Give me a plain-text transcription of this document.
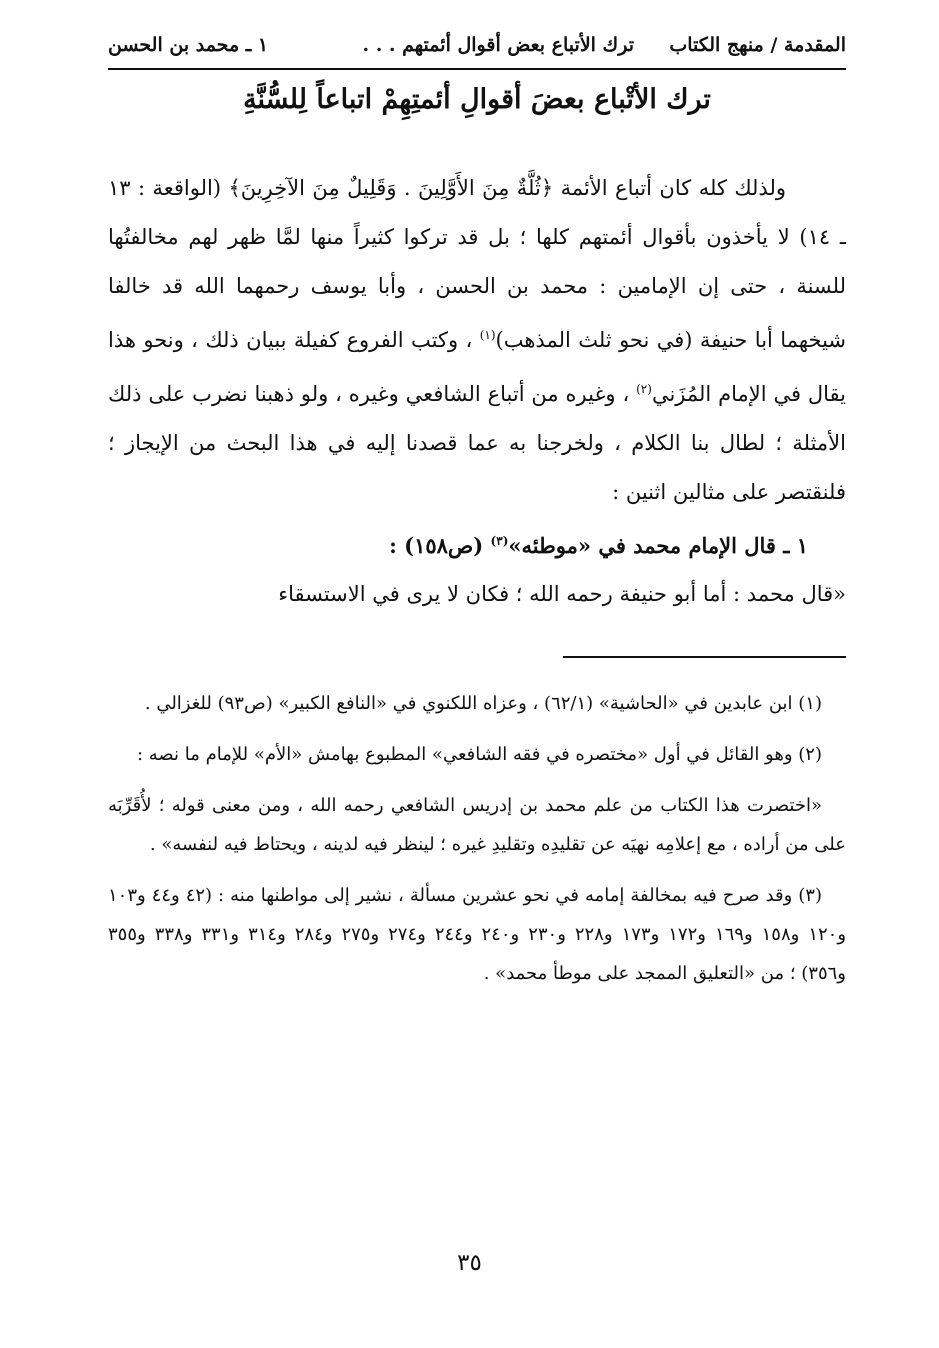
المقدمة / منهج الكتاب
ترك الأتباع بعض أقوال أئمتهم . . .
١ ـ محمد بن الحسن
ترك الأتْباع بعضَ أقوالِ أئمتِهِمْ اتباعاً لِلسُّنَّةِ

ولذلك كله كان أتباع الأئمة ﴿ثُلَّةٌ مِنَ الأَوَّلِينَ . وَقَلِيلٌ مِنَ الآخِرِينَ﴾ (الواقعة : ١٣ ـ ١٤) لا يأخذون بأقوال أئمتهم كلها ؛ بل قد تركوا كثيراً منها لمَّا ظهر لهم مخالفتُها للسنة ، حتى إن الإمامين : محمد بن الحسن ، وأبا يوسف رحمهما الله قد خالفا شيخهما أبا حنيفة (في نحو ثلث المذهب)$^{(١)}$ ، وكتب الفروع كفيلة ببيان ذلك ، ونحو هذا يقال في الإمام المُزَني$^{(٢)}$ ، وغيره من أتباع الشافعي وغيره ، ولو ذهبنا نضرب على ذلك الأمثلة ؛ لطال بنا الكلام ، ولخرجنا به عما قصدنا إليه في هذا البحث من الإيجاز ؛ فلنقتصر على مثالين اثنين :

١ ـ قال الإمام محمد في «موطئه»$^{(٣)}$ (ص١٥٨) :

«قال محمد : أما أبو حنيفة رحمه الله ؛ فكان لا يرى في الاستسقاء

(١) ابن عابدين في «الحاشية» (٦٢/١) ، وعزاه اللكنوي في «النافع الكبير» (ص٩٣) للغزالي .

(٢) وهو القائل في أول «مختصره في فقه الشافعي» المطبوع بهامش «الأم» للإمام ما نصه :

«اختصرت هذا الكتاب من علم محمد بن إدريس الشافعي رحمه الله ، ومن معنى قوله ؛ لأُقَرِّبَه على من أراده ، مع إعلامِه نهيَه عن تقليدِه وتقليدِ غيره ؛ لينظر فيه لدينه ، ويحتاط فيه لنفسه» .

(٣) وقد صرح فيه بمخالفة إمامه في نحو عشرين مسألة ، نشير إلى مواطنها منه : (٤٢ و٤٤ و١٠٣ و١٢٠ و١٥٨ و١٦٩ و١٧٢ و١٧٣ و٢٢٨ و٢٣٠ و٢٤٠ و٢٤٤ و٢٧٤ و٢٧٥ و٢٨٤ و٣١٤ و٣٣١ و٣٣٨ و٣٥٥ و٣٥٦) ؛ من «التعليق الممجد على موطأ محمد» .

٣٥
